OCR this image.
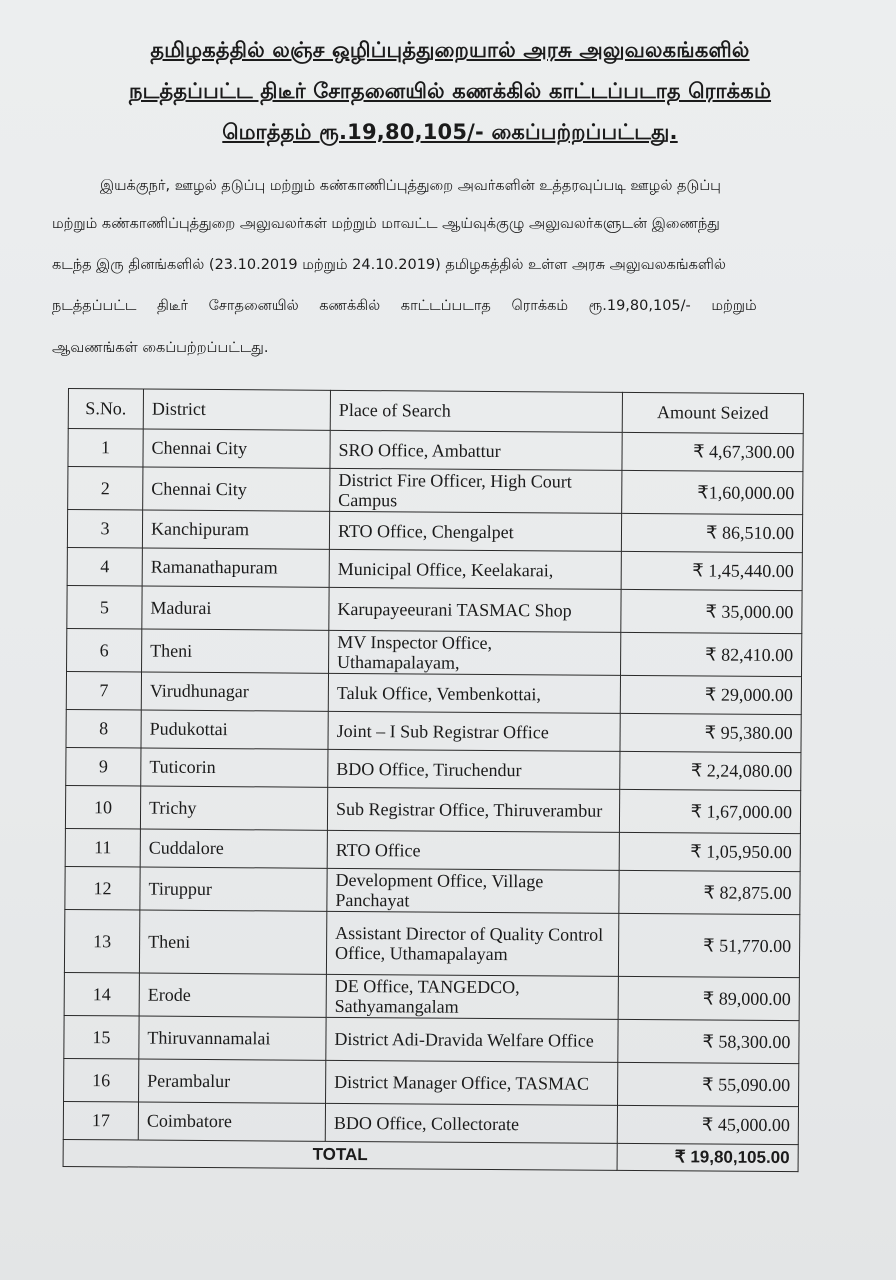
தமிழகத்தில் லஞ்ச ஒழிப்புத்துறையால் அரசு அலுவலகங்களில்
நடத்தப்பட்ட திடீர் சோதனையில் கணக்கில் காட்டப்படாத ரொக்கம்
மொத்தம் ரூ.19,80,105/- கைப்பற்றப்பட்டது.
இயக்குநர், ஊழல் தடுப்பு மற்றும் கண்காணிப்புத்துறை அவர்களின் உத்தரவுப்படி ஊழல் தடுப்பு
மற்றும் கண்காணிப்புத்துறை அலுவலர்கள் மற்றும் மாவட்ட ஆய்வுக்குழு அலுவலர்களுடன் இணைந்து
கடந்த இரு தினங்களில் (23.10.2019 மற்றும் 24.10.2019) தமிழகத்தில் உள்ள அரசு அலுவலகங்களில்
நடத்தப்பட்ட திடீர் சோதனையில் கணக்கில் காட்டப்படாத ரொக்கம் ரூ.19,80,105/- மற்றும்
ஆவணங்கள் கைப்பற்றப்பட்டது.
S.No.	District	Place of Search	Amount Seized
1	Chennai City	SRO Office, Ambattur	₹ 4,67,300.00
2	Chennai City	District Fire Officer, High Court Campus	₹1,60,000.00
3	Kanchipuram	RTO Office, Chengalpet	₹ 86,510.00
4	Ramanathapuram	Municipal Office, Keelakarai,	₹ 1,45,440.00
5	Madurai	Karupayeeurani TASMAC Shop	₹ 35,000.00
6	Theni	MV Inspector Office, Uthamapalayam,	₹ 82,410.00
7	Virudhunagar	Taluk Office, Vembenkottai,	₹ 29,000.00
8	Pudukottai	Joint – I Sub Registrar Office	₹ 95,380.00
9	Tuticorin	BDO Office, Tiruchendur	₹ 2,24,080.00
10	Trichy	Sub Registrar Office, Thiruverambur	₹ 1,67,000.00
11	Cuddalore	RTO Office	₹ 1,05,950.00
12	Tiruppur	Development Office, Village Panchayat	₹ 82,875.00
13	Theni	Assistant Director of Quality Control Office, Uthamapalayam	₹ 51,770.00
14	Erode	DE Office, TANGEDCO, Sathyamangalam	₹ 89,000.00
15	Thiruvannamalai	District Adi-Dravida Welfare Office	₹ 58,300.00
16	Perambalur	District Manager Office, TASMAC	₹ 55,090.00
17	Coimbatore	BDO Office, Collectorate	₹ 45,000.00
TOTAL			₹ 19,80,105.00
